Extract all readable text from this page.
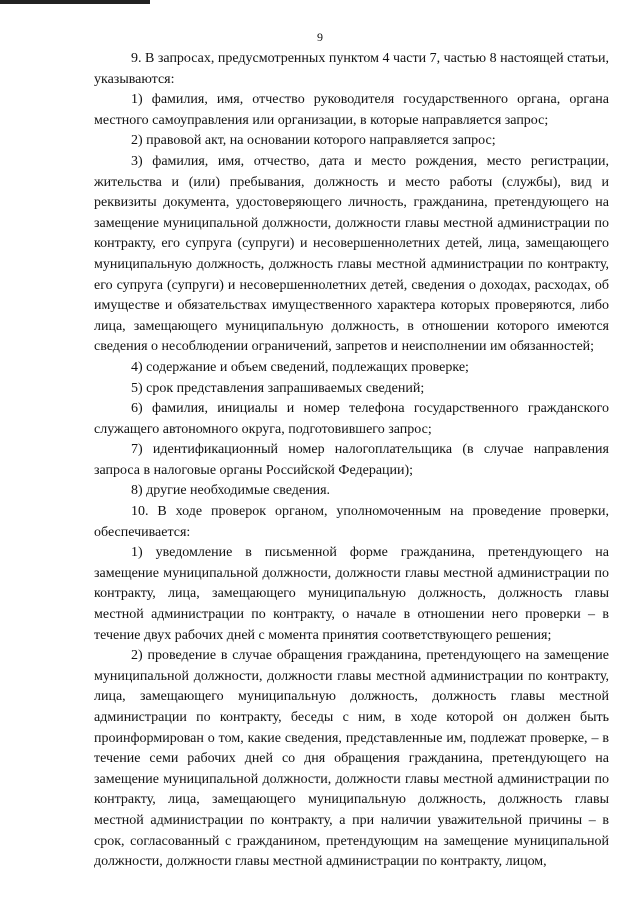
9

9. В запросах, предусмотренных пунктом 4 части 7, частью 8 настоящей статьи, указываются:

1) фамилия, имя, отчество руководителя государственного органа, органа местного самоуправления или организации, в которые направляется запрос;

2) правовой акт, на основании которого направляется запрос;

3) фамилия, имя, отчество, дата и место рождения, место регистрации, жительства и (или) пребывания, должность и место работы (службы), вид и реквизиты документа, удостоверяющего личность, гражданина, претендующего на замещение муниципальной должности, должности главы местной администрации по контракту, его супруга (супруги) и несовершеннолетних детей, лица, замещающего муниципальную должность, должность главы местной администрации по контракту, его супруга (супруги) и несовершеннолетних детей, сведения о доходах, расходах, об имуществе и обязательствах имущественного характера которых проверяются, либо лица, замещающего муниципальную должность, в отношении которого имеются сведения о несоблюдении ограничений, запретов и неисполнении им обязанностей;

4) содержание и объем сведений, подлежащих проверке;

5) срок представления запрашиваемых сведений;

6) фамилия, инициалы и номер телефона государственного гражданского служащего автономного округа, подготовившего запрос;

7) идентификационный номер налогоплательщика (в случае направления запроса в налоговые органы Российской Федерации);

8) другие необходимые сведения.

10. В ходе проверок органом, уполномоченным на проведение проверки, обеспечивается:

1) уведомление в письменной форме гражданина, претендующего на замещение муниципальной должности, должности главы местной администрации по контракту, лица, замещающего муниципальную должность, должность главы местной администрации по контракту, о начале в отношении него проверки – в течение двух рабочих дней с момента принятия соответствующего решения;

2) проведение в случае обращения гражданина, претендующего на замещение муниципальной должности, должности главы местной администрации по контракту, лица, замещающего муниципальную должность, должность главы местной администрации по контракту, беседы с ним, в ходе которой он должен быть проинформирован о том, какие сведения, представленные им, подлежат проверке, – в течение семи рабочих дней со дня обращения гражданина, претендующего на замещение муниципальной должности, должности главы местной администрации по контракту, лица, замещающего муниципальную должность, должность главы местной администрации по контракту, а при наличии уважительной причины – в срок, согласованный с гражданином, претендующим на замещение муниципальной должности, должности главы местной администрации по контракту, лицом,
